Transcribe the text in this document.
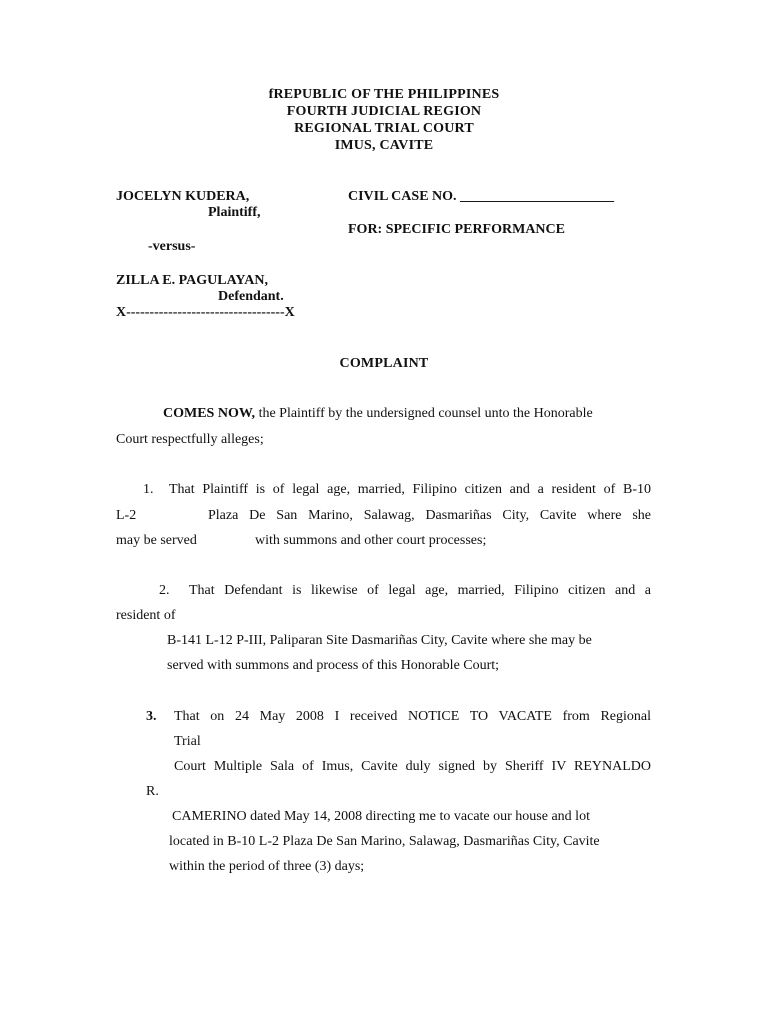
fREPUBLIC OF THE PHILIPPINES
FOURTH JUDICIAL REGION
REGIONAL TRIAL COURT
IMUS, CAVITE
JOCELYN KUDERA,
Plaintiff,
-versus-
ZILLA E. PAGULAYAN,
Defendant.
X----------------------------------X
CIVIL CASE NO. ______________________
FOR: SPECIFIC PERFORMANCE
COMPLAINT
COMES NOW, the Plaintiff by the undersigned counsel unto the Honorable
Court respectfully alleges;
1. That Plaintiff is of legal age, married, Filipino citizen and a resident of B-10
L-2	Plaza De San Marino, Salawag, Dasmariñas City, Cavite where she
may be served	with summons and other court processes;
2. That Defendant is likewise of legal age, married, Filipino citizen and a
resident of
B-141 L-12 P-III, Paliparan Site Dasmariñas City, Cavite where she may be
served with summons and process of this Honorable Court;
3. That on 24 May 2008 I received NOTICE TO VACATE from Regional
Trial
Court Multiple Sala of Imus, Cavite duly signed by Sheriff IV REYNALDO
R.
CAMERINO dated May 14, 2008 directing me to vacate our house and lot
located in B-10 L-2 Plaza De San Marino, Salawag, Dasmariñas City, Cavite
within the period of three (3) days;
